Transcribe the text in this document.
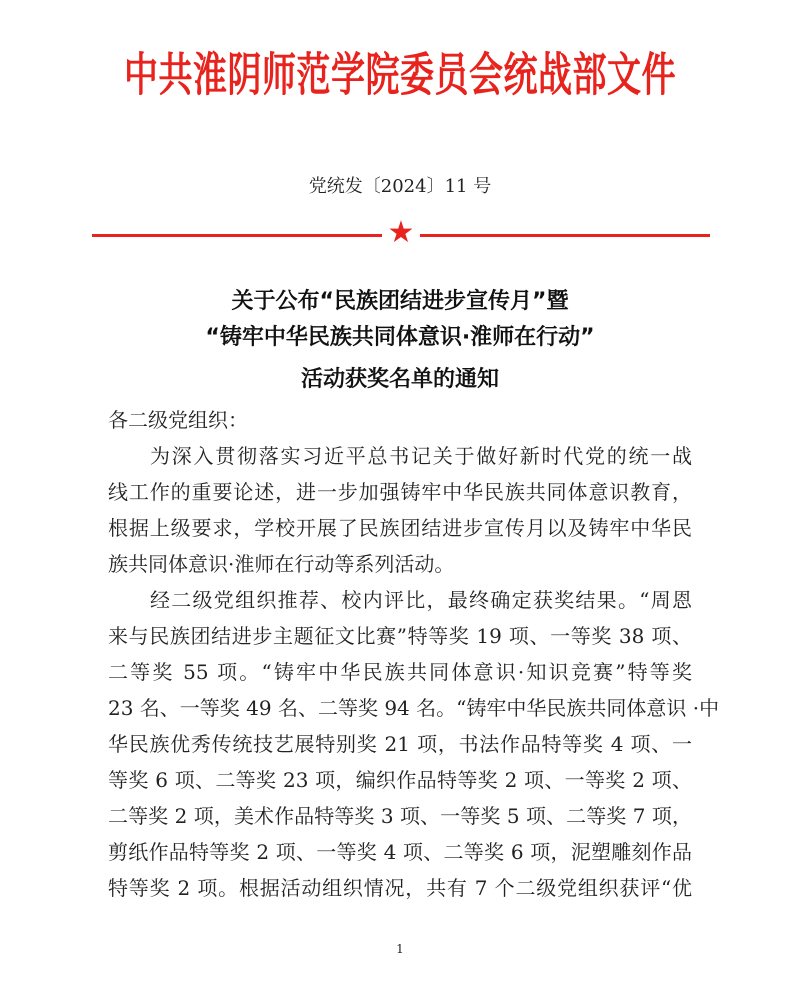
中共淮阴师范学院委员会统战部文件
党统发〔2024〕11 号
★
关于公布“民族团结进步宣传月”暨
“铸牢中华民族共同体意识·淮师在行动”
活动获奖名单的通知
各二级党组织：
为深入贯彻落实习近平总书记关于做好新时代党的统一战
线工作的重要论述，进一步加强铸牢中华民族共同体意识教育，
根据上级要求，学校开展了民族团结进步宣传月以及铸牢中华民
族共同体意识·淮师在行动等系列活动。
经二级党组织推荐、校内评比，最终确定获奖结果。“周恩
来与民族团结进步主题征文比赛”特等奖 19 项、一等奖 38 项、
二等奖 55 项。“铸牢中华民族共同体意识·知识竞赛”特等奖
23 名、一等奖 49 名、二等奖 94 名。“铸牢中华民族共同体意识 ·中
华民族优秀传统技艺展特别奖 21 项，书法作品特等奖 4 项、一
等奖 6 项、二等奖 23 项，编织作品特等奖 2 项、一等奖 2 项、
二等奖 2 项，美术作品特等奖 3 项、一等奖 5 项、二等奖 7 项，
剪纸作品特等奖 2 项、一等奖 4 项、二等奖 6 项，泥塑雕刻作品
特等奖 2 项。根据活动组织情况，共有 7 个二级党组织获评“优
1
